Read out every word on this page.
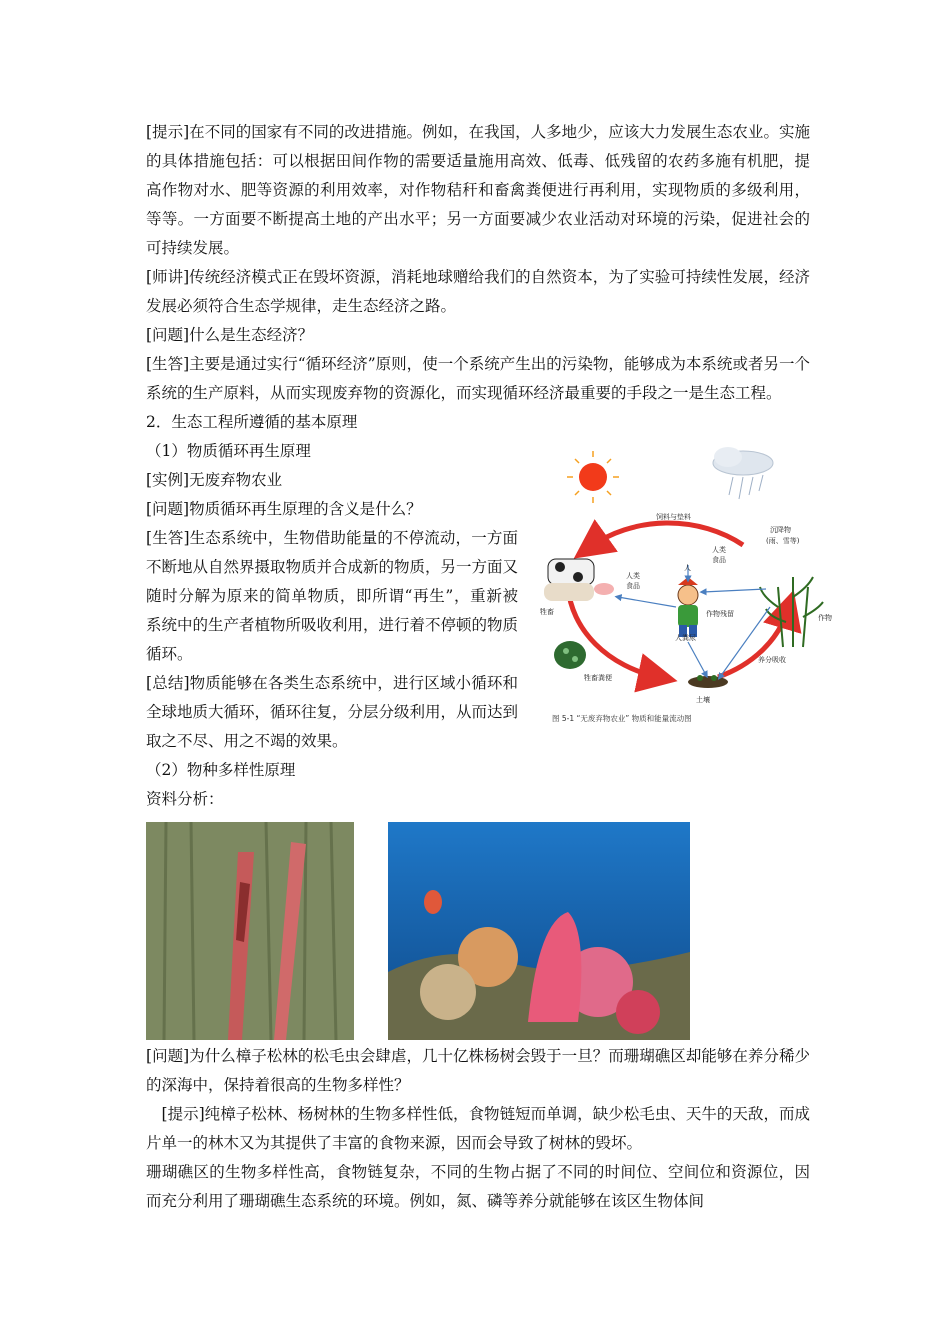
[提示]在不同的国家有不同的改进措施。例如，在我国，人多地少，应该大力发展生态农业。实施的具体措施包括：可以根据田间作物的需要适量施用高效、低毒、低残留的农药多施有机肥，提高作物对水、肥等资源的利用效率，对作物秸秆和畜禽粪便进行再利用，实现物质的多级利用，等等。一方面要不断提高土地的产出水平；另一方面要减少农业活动对环境的污染，促进社会的可持续发展。

[师讲]传统经济模式正在毁坏资源，消耗地球赠给我们的自然资本，为了实验可持续性发展，经济发展必须符合生态学规律，走生态经济之路。

[问题]什么是生态经济？

[生答]主要是通过实行“循环经济”原则，使一个系统产生出的污染物，能够成为本系统或者另一个系统的生产原料，从而实现废弃物的资源化，而实现循环经济最重要的手段之一是生态工程。

2．生态工程所遵循的基本原理

（1）物质循环再生原理

[实例]无废弃物农业

[问题]物质循环再生原理的含义是什么？

[生答]生态系统中，生物借助能量的不停流动，一方面不断地从自然界摄取物质并合成新的物质，另一方面又随时分解为原来的简单物质，即所谓“再生”，重新被系统中的生产者植物所吸收利用，进行着不停顿的物质循环。

[总结]物质能够在各类生态系统中，进行区域小循环和全球地质大循环，循环往复，分层分级利用，从而达到取之不尽、用之不竭的效果。

饲料与垫料
沉降物
(雨、雪等)
人
人类
食品
人类
食品
作物残留
人粪尿
牲畜
作物
养分吸收
牲畜粪便
土壤
图 5-1 “无废弃物农业” 物质和能量流动图

（2）物种多样性原理

资料分析：

[问题]为什么樟子松林的松毛虫会肆虐，几十亿株杨树会毁于一旦？而珊瑚礁区却能够在养分稀少的深海中，保持着很高的生物多样性？

[提示]纯樟子松林、杨树林的生物多样性低，食物链短而单调，缺少松毛虫、天牛的天敌，而成片单一的林木又为其提供了丰富的食物来源，因而会导致了树林的毁坏。

珊瑚礁区的生物多样性高，食物链复杂，不同的生物占据了不同的时间位、空间位和资源位，因而充分利用了珊瑚礁生态系统的环境。例如，氮、磷等养分就能够在该区生物体间
